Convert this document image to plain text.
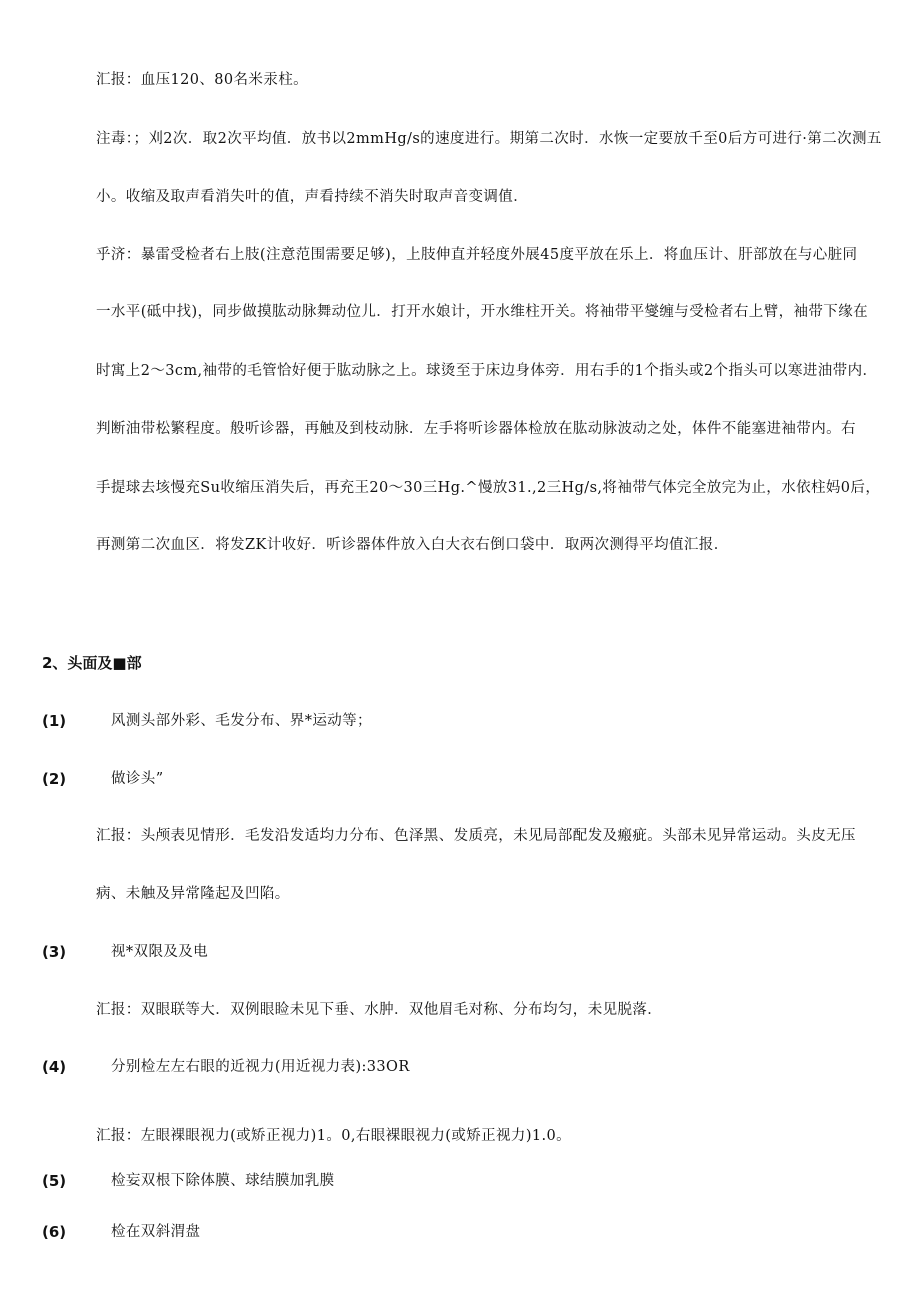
汇报：血压120、80名米汞柱。

注毒：；刈2次．取2次平均值．放书以2mmHg/s的速度进行。期第二次时．水恢一定要放千至0后方可进行·第二次测五

小。收缩及取声看消失叶的值，声看持续不消失时取声音变调值．

乎济：暴雷受检者右上肢(注意范围需要足够)，上肢伸直并轻度外展45度平放在乐上．将血压计、肝部放在与心脏同

一水平(砥中找)，同步做摸肱动脉舞动位儿．打开水娘计，开水维柱开关。将袖带平燮缠与受检者右上臂，袖带下缘在

时寓上2〜3cm,袖带的毛管恰好便于肱动脉之上。球烫至于床边身体旁．用右手的1个指头或2个指头可以寒进油带内．

判断油带松繁程度。般听诊器，再触及到枝动脉．左手将听诊器体检放在肱动脉波动之处，体件不能塞进袖带内。右

手提球去垓慢充Su收缩压消失后，再充王20〜30三Hg.^慢放31.,2三Hg/s,将袖带气体完全放完为止，水依柱妈0后，

再测第二次血区．将发ZK计收好．听诊器体件放入白大衣右倒口袋中．取两次测得平均值汇报．

2、头面及■部

(1)	风测头部外彩、毛发分布、界*运动等；
(2)	做诊头”

汇报：头颅表见情形．毛发沿发适均力分布、色泽黑、发质亮，未见局部配发及瘢疵。头部未见异常运动。头皮无压

病、未触及异常隆起及凹陷。

(3)	视*双限及及电

汇报：双眼联等大．双例眼睑未见下垂、水肿．双他眉毛对称、分布均匀，未见脱落．

(4)	分别检左左右眼的近视力(用近视力表):33OR

汇报：左眼裸眼视力(或矫正视力)1。0,右眼裸眼视力(或矫正视力)1.0。

(5)	检妄双根下除体膜、球结膜加乳膜
(6)	检在双斜渭盘
